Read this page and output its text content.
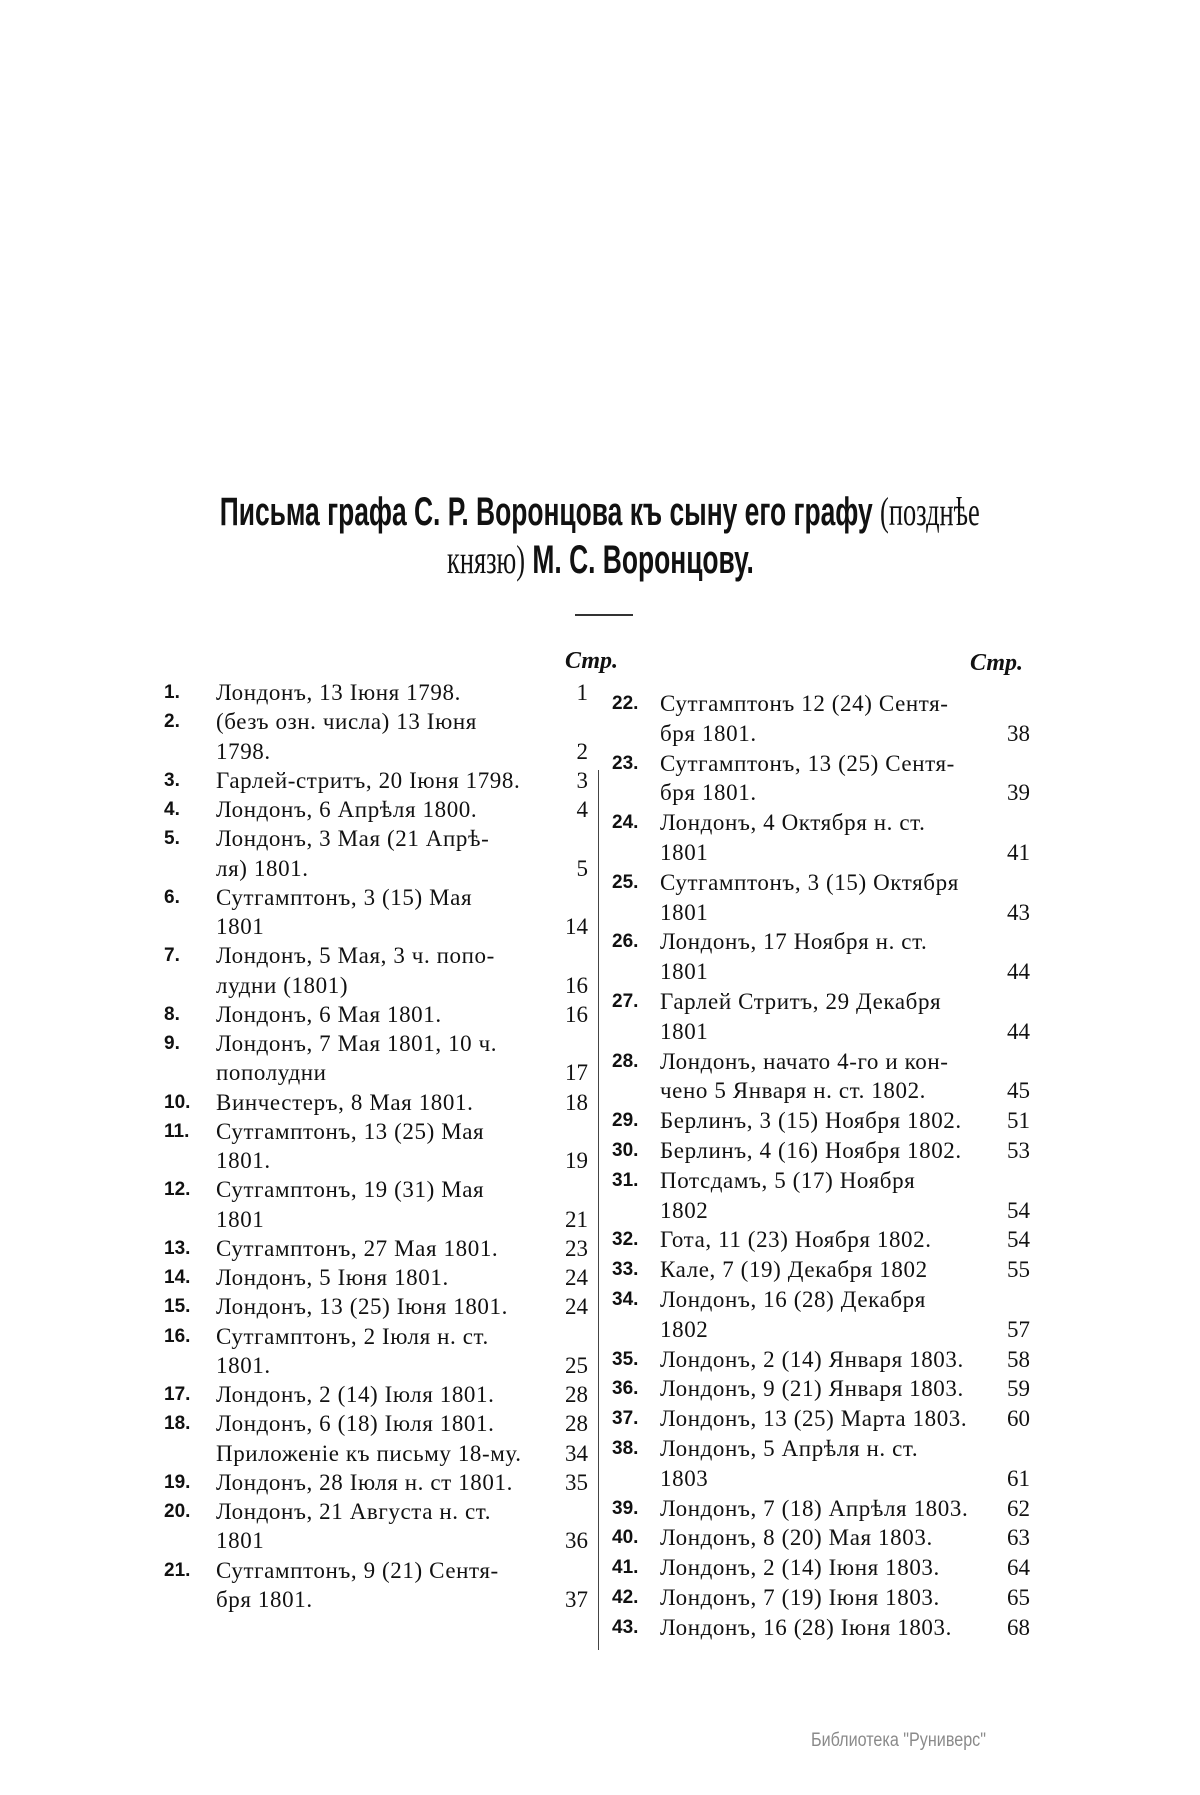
Письма графа С. Р. Воронцова къ сыну его графу (позднѣе
князю) М. С. Воронцову.
Стр.	Стр.
1.	Лондонъ, 13 Іюня 1798.	1
2.	(безъ озн. числа) 13 Іюня
1798.	2
3.	Гарлей-стритъ, 20 Іюня 1798. 3
4.	Лондонъ, 6 Апрѣля 1800.	4
5.	Лондонъ, 3 Мая (21 Апрѣ-
ля) 1801.	5
6.	Сутгамптонъ, 3 (15) Мая
1801	14
7.	Лондонъ, 5 Мая, 3 ч. попо-
лудни (1801)	16
8.	Лондонъ, 6 Мая 1801.	16
9.	Лондонъ, 7 Мая 1801, 10 ч.
пополудни	17
10.	Винчестеръ, 8 Мая 1801.	18
11.	Сутгамптонъ, 13 (25) Мая
1801.	19
12.	Сутгамптонъ, 19 (31) Мая
1801	21
13.	Сутгамптонъ, 27 Мая 1801.	23
14.	Лондонъ, 5 Іюня 1801.	24
15.	Лондонъ, 13 (25) Іюня 1801. 24
16.	Сутгамптонъ, 2 Іюля н. ст.
1801.	25
17.	Лондонъ, 2 (14) Іюля 1801.	28
18.	Лондонъ, 6 (18) Іюля 1801.	28
Приложеніе къ письму 18-му. 34
19.	Лондонъ, 28 Іюля н. ст 1801. 35
20.	Лондонъ, 21 Августа н. ст.
1801	36
21.	Сутгамптонъ, 9 (21) Сентя-
бря 1801.	37
22. Сутгамптонъ 12 (24) Сентя-
бря 1801.	38
23. Сутгамптонъ, 13 (25) Сентя-
бря 1801.	39
24. Лондонъ, 4 Октября н. ст.
1801	41
25. Сутгамптонъ, 3 (15) Октября
1801	43
26. Лондонъ, 17 Ноября н. ст.
1801	44
27. Гарлей Стритъ, 29 Декабря
1801	44
28. Лондонъ, начато 4-го и кон-
чено 5 Января н. ст. 1802.	45
29. Берлинъ, 3 (15) Ноября 1802. 51
30. Берлинъ, 4 (16) Ноября 1802. 53
31. Потсдамъ, 5 (17) Ноября
1802	54
32. Гота, 11 (23) Ноября 1802.	54
33. Кале, 7 (19) Декабря 1802	55
34. Лондонъ, 16 (28) Декабря
1802	57
35. Лондонъ, 2 (14) Января 1803. 58
36. Лондонъ, 9 (21) Января 1803. 59
37. Лондонъ, 13 (25) Марта 1803. 60
38. Лондонъ, 5 Апрѣля н. ст.
1803	61
39. Лондонъ, 7 (18) Апрѣля 1803. 62
40. Лондонъ, 8 (20) Мая 1803.	63
41. Лондонъ, 2 (14) Іюня 1803.	64
42. Лондонъ, 7 (19) Іюня 1803.	65
43. Лондонъ, 16 (28) Іюня 1803. 68
Библиотека "Руниверс"
